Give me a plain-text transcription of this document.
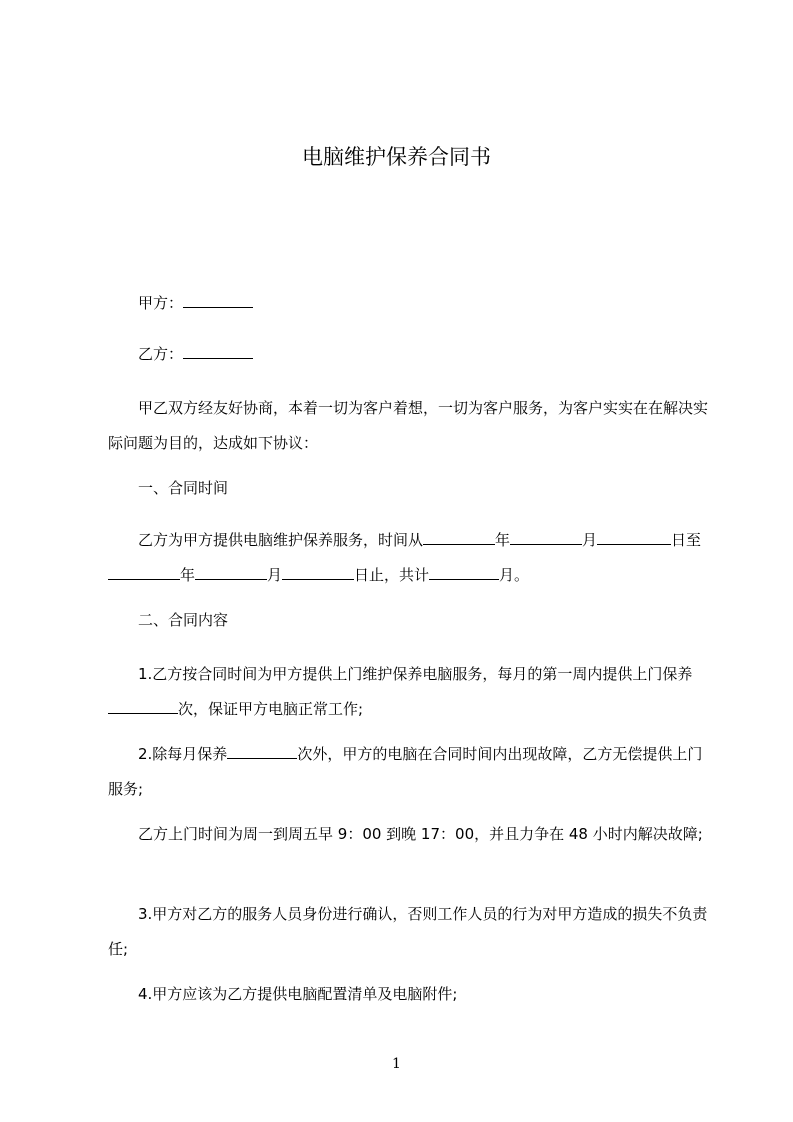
电脑维护保养合同书

甲方：

乙方：

甲乙双方经友好协商，本着一切为客户着想，一切为客户服务，为客户实实在在解决实际问题为目的，达成如下协议：

一、合同时间

乙方为甲方提供电脑维护保养服务，时间从	年	月	日至年	月	日止，共计	月。

二、合同内容

1.乙方按合同时间为甲方提供上门维护保养电脑服务，每月的第一周内提供上门保养次，保证甲方电脑正常工作;

2.除每月保养	次外，甲方的电脑在合同时间内出现故障，乙方无偿提供上门服务;

乙方上门时间为周一到周五早 9：00 到晚 17：00，并且力争在 48 小时内解决故障;

3.甲方对乙方的服务人员身份进行确认，否则工作人员的行为对甲方造成的损失不负责任;

4.甲方应该为乙方提供电脑配置清单及电脑附件;

1
